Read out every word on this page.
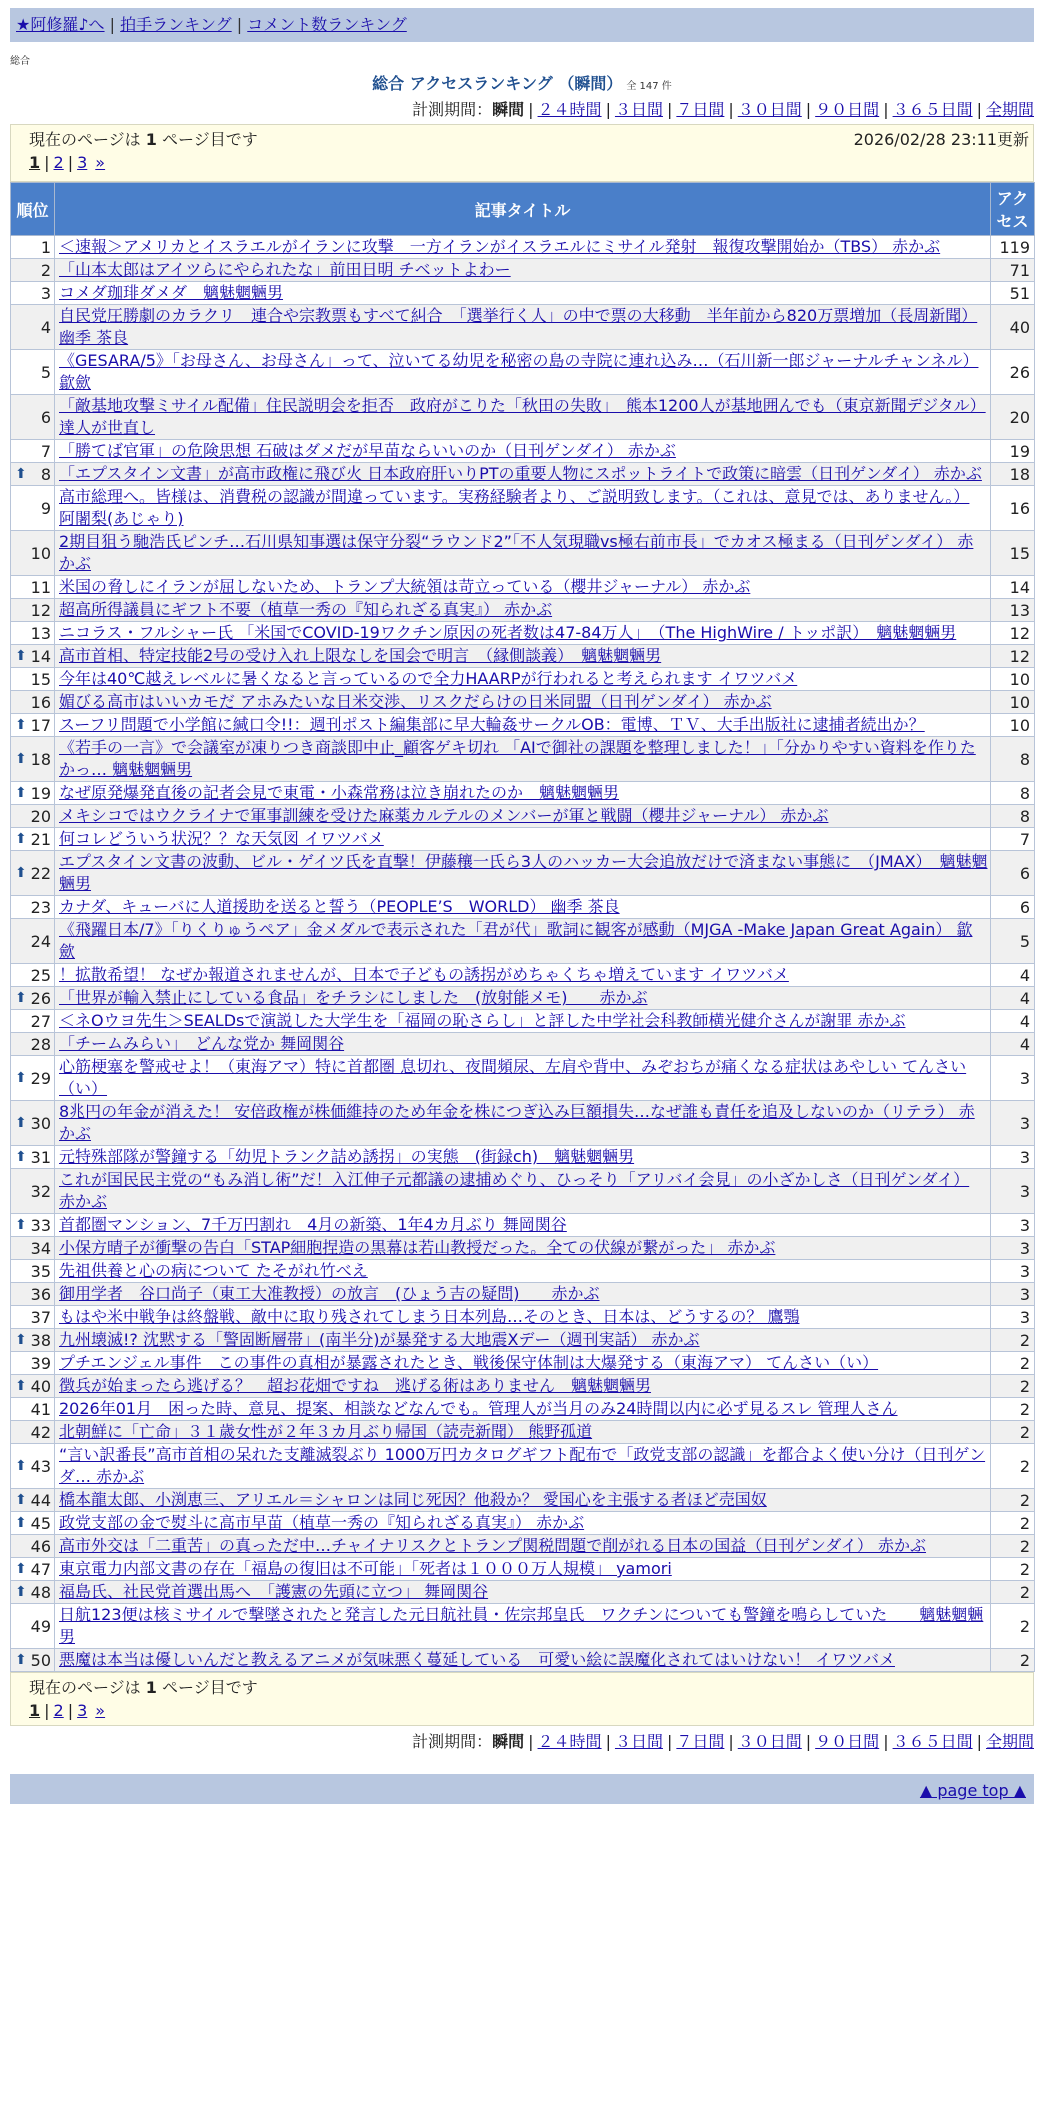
★阿修羅♪へ | 拍手ランキング | コメント数ランキング
総合
総合 アクセスランキング （瞬間） 全 147 件
計測期間：瞬間 | ２４時間 | ３日間 | ７日間 | ３０日間 | ９０日間 | ３６５日間 | 全期間
現在のページは 1 ページ目です	2026/02/28 23:11更新
1 | 2 | 3 »
順位	記事タイトル	アクセス
1	＜速報＞アメリカとイスラエルがイランに攻撃　一方イランがイスラエルにミサイル発射　報復攻撃開始か（TBS） 赤かぶ	119
2	「山本太郎はアイツらにやられたな」前田日明 チベットよわー	71
3	コメダ珈琲ダメダ　魑魅魍魎男	51
4	自民党圧勝劇のカラクリ　連合や宗教票もすべて糾合　「選挙行く人」の中で票の大移動　半年前から820万票増加（長周新聞） 幽季 茶良	40
5	《GESARA/5》「お母さん、お母さん」って、泣いてる幼児を秘密の島の寺院に連れ込み…（石川新一郎ジャーナルチャンネル） 歙歛	26
6	「敵基地攻撃ミサイル配備」住民説明会を拒否　政府がこりた「秋田の失敗」　熊本1200人が基地囲んでも（東京新聞デジタル） 達人が世直し	20
7	「勝てば官軍」の危険思想 石破はダメだが早苗ならいいのか（日刊ゲンダイ） 赤かぶ	19

⬆ 8	「エプスタイン文書」が高市政権に飛び火 日本政府肝いりPTの重要人物にスポットライトで政策に暗雲（日刊ゲンダイ） 赤かぶ	18
9	高市総理へ。皆様は、消費税の認識が間違っています。実務経験者より、ご説明致します。（これは、意見では、ありません。） 阿闍梨(あじゃり)	16
10	2期目狙う馳浩氏ピンチ…石川県知事選は保守分裂“ラウンド2”「不人気現職vs極右前市長」でカオス極まる（日刊ゲンダイ） 赤かぶ	15
11	米国の脅しにイランが屈しないため、トランプ大統領は苛立っている（櫻井ジャーナル） 赤かぶ	14
12	超高所得議員にギフト不要（植草一秀の『知られざる真実』） 赤かぶ	13
13	ニコラス・フルシャー氏 「米国でCOVID-19ワクチン原因の死者数は47-84万人」　（The HighWire / トッポ訳）　魑魅魍魎男	12

⬆ 14	高市首相、特定技能2号の受け入れ上限なしを国会で明言　（縁側談義）　魑魅魍魎男	12
15	今年は40℃越えレベルに暑くなると言っているので全力HAARPが行われると考えられます イワツバメ	10
16	媚びる高市はいいカモだ アホみたいな日米交渉、リスクだらけの日米同盟（日刊ゲンダイ） 赤かぶ	10

⬆ 17	スーフリ問題で小学館に緘口令!!：週刊ポスト編集部に早大輪姦サークルOB：電博、ＴＶ、大手出版社に逮捕者続出か？	10

⬆ 18	《若手の一言》で会議室が凍りつき商談即中止_顧客ゲキ切れ 「AIで御社の課題を整理しました！」「分かりやすい資料を作りたかっ… 魑魅魍魎男	8

⬆ 19	なぜ原発爆発直後の記者会見で東電・小森常務は泣き崩れたのか　魑魅魍魎男	8
20	メキシコではウクライナで軍事訓練を受けた麻薬カルテルのメンバーが軍と戦闘（櫻井ジャーナル） 赤かぶ	8

⬆ 21	何コレどういう状況？？な天気図 イワツバメ	7

⬆ 22	エプスタイン文書の波動、ビル・ゲイツ氏を直撃！伊藤穰一氏ら3人のハッカー大会追放だけで済まない事態に　（JMAX）　魑魅魍魎男	6
23	カナダ、キューバに人道援助を送ると誓う（PEOPLE’S　WORLD） 幽季 茶良	6
24	《飛躍日本/7》「りくりゅうペア」金メダルで表示された「君が代」歌詞に観客が感動（MJGA -Make Japan Great Again） 歙歛	5
25	！拡散希望！ なぜか報道されませんが、日本で子どもの誘拐がめちゃくちゃ増えています イワツバメ	4

⬆ 26	「世界が輸入禁止にしている食品」をチラシにしました　(放射能メモ)　　赤かぶ	4
27	＜ネOウヨ先生＞SEALDsで演説した大学生を「福岡の恥さらし」と評した中学社会科教師横光健介さんが謝罪 赤かぶ	4
28	「チームみらい」　どんな党か 舞岡関谷	4

⬆ 29	心筋梗塞を警戒せよ！（東海アマ）特に首都圏 息切れ、夜間頻尿、左肩や背中、みぞおちが痛くなる症状はあやしい てんさい（い）	3

⬆ 30	8兆円の年金が消えた！ 安倍政権が株価維持のため年金を株につぎ込み巨額損失…なぜ誰も責任を追及しないのか（リテラ） 赤かぶ	3

⬆ 31	元特殊部隊が警鐘する「幼児トランク詰め誘拐」の実態　(街録ch)　魑魅魍魎男	3
32	これが国民民主党の“もみ消し術”だ！入江伸子元都議の逮捕めぐり、ひっそり「アリバイ会見」の小ざかしさ（日刊ゲンダイ） 赤かぶ	3

⬆ 33	首都圏マンション、7千万円割れ　4月の新築、1年4カ月ぶり 舞岡関谷	3
34	小保方晴子が衝撃の告白「STAP細胞捏造の黒幕は若山教授だった。全ての伏線が繋がった」 赤かぶ	3
35	先祖供養と心の病について たそがれ竹べえ	3
36	御用学者　谷口尚子（東工大准教授）の放言　(ひょう吉の疑問)　　赤かぶ	3
37	もはや米中戦争は終盤戦、敵中に取り残されてしまう日本列島…そのとき、日本は、どうするの？ 鷹鶚	3

⬆ 38	九州壊滅!? 沈黙する「警固断層帯」(南半分)が暴発する大地震Xデー（週刊実話） 赤かぶ	2
39	プチエンジェル事件　この事件の真相が暴露されたとき、戦後保守体制は大爆発する（東海アマ） てんさい（い）	2

⬆ 40	徴兵が始まったら逃げる？　超お花畑ですね　逃げる術はありません　魑魅魍魎男	2
41	2026年01月　困った時、意見、提案、相談などなんでも。管理人が当月のみ24時間以内に必ず見るスレ 管理人さん	2
42	北朝鮮に「亡命」３１歳女性が２年３カ月ぶり帰国（読売新聞） 熊野孤道	2

⬆ 43	“言い訳番長”高市首相の呆れた支離滅裂ぶり 1000万円カタログギフト配布で「政党支部の認識」を都合よく使い分け（日刊ゲンダ… 赤かぶ	2

⬆ 44	橋本龍太郎、小渕恵三、アリエル＝シャロンは同じ死因？他殺か？ 愛国心を主張する者ほど売国奴	2

⬆ 45	政党支部の金で熨斗に高市早苗（植草一秀の『知られざる真実』） 赤かぶ	2
46	高市外交は「二重苦」の真っただ中…チャイナリスクとトランプ関税問題で削がれる日本の国益（日刊ゲンダイ） 赤かぶ	2

⬆ 47	東京電力内部文書の存在「福島の復旧は不可能」「死者は１０００万人規模」 yamori	2

⬆ 48	福島氏、社民党首選出馬へ　「護憲の先頭に立つ」 舞岡関谷	2
49	日航123便は核ミサイルで撃墜されたと発言した元日航社員・佐宗邦皇氏　ワクチンについても警鐘を鳴らしていた　　魑魅魍魎男	2

⬆ 50	悪魔は本当は優しいんだと教えるアニメが気味悪く蔓延している　可愛い絵に誤魔化されてはいけない！ イワツバメ	2
現在のページは 1 ページ目です
1 | 2 | 3 »
計測期間：瞬間 | ２４時間 | ３日間 | ７日間 | ３０日間 | ９０日間 | ３６５日間 | 全期間
▲ page top ▲
